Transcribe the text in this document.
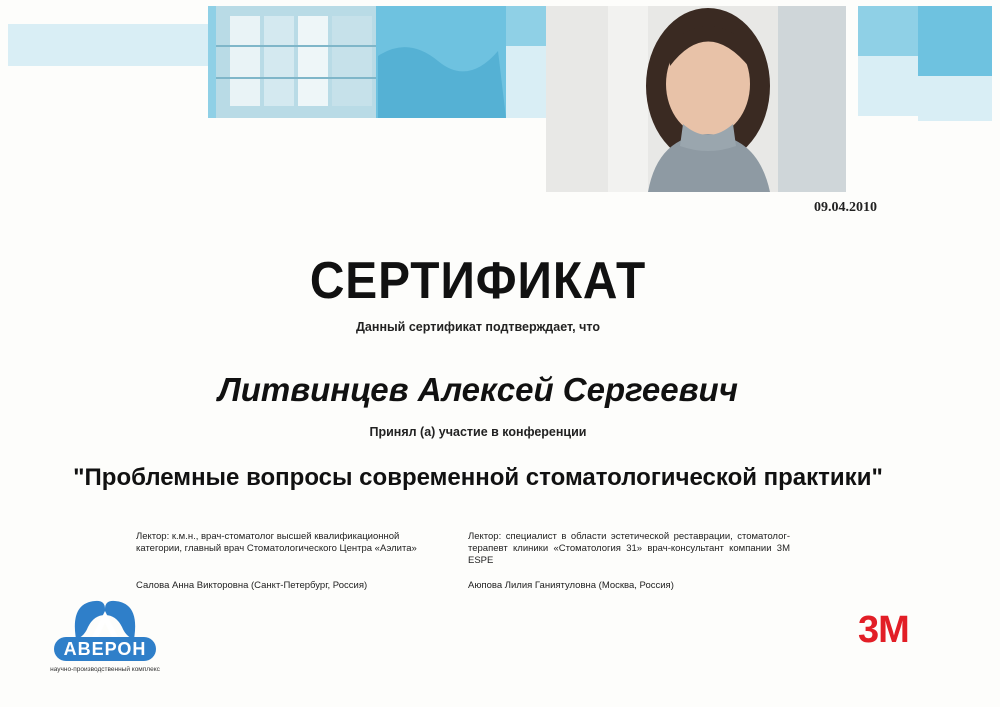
09.04.2010
СЕРТИФИКАТ
Данный сертификат подтверждает, что
Литвинцев Алексей Сергеевич
Принял (а) участие в конференции
"Проблемные вопросы современной стоматологической практики"
Лектор: к.м.н., врач-стоматолог высшей квалификационной категории, главный врач Стоматологического Центра «Аэлита»
Лектор: специалист в области эстетической реставрации, стоматолог-терапевт клиники «Стоматология 31» врач-консультант компании 3M ESPE
Салова Анна Викторовна (Санкт-Петербург, Россия)	Аюпова Лилия Ганиятуловна (Москва, Россия)
АВЕРОН
научно-производственный комплекс
3M
